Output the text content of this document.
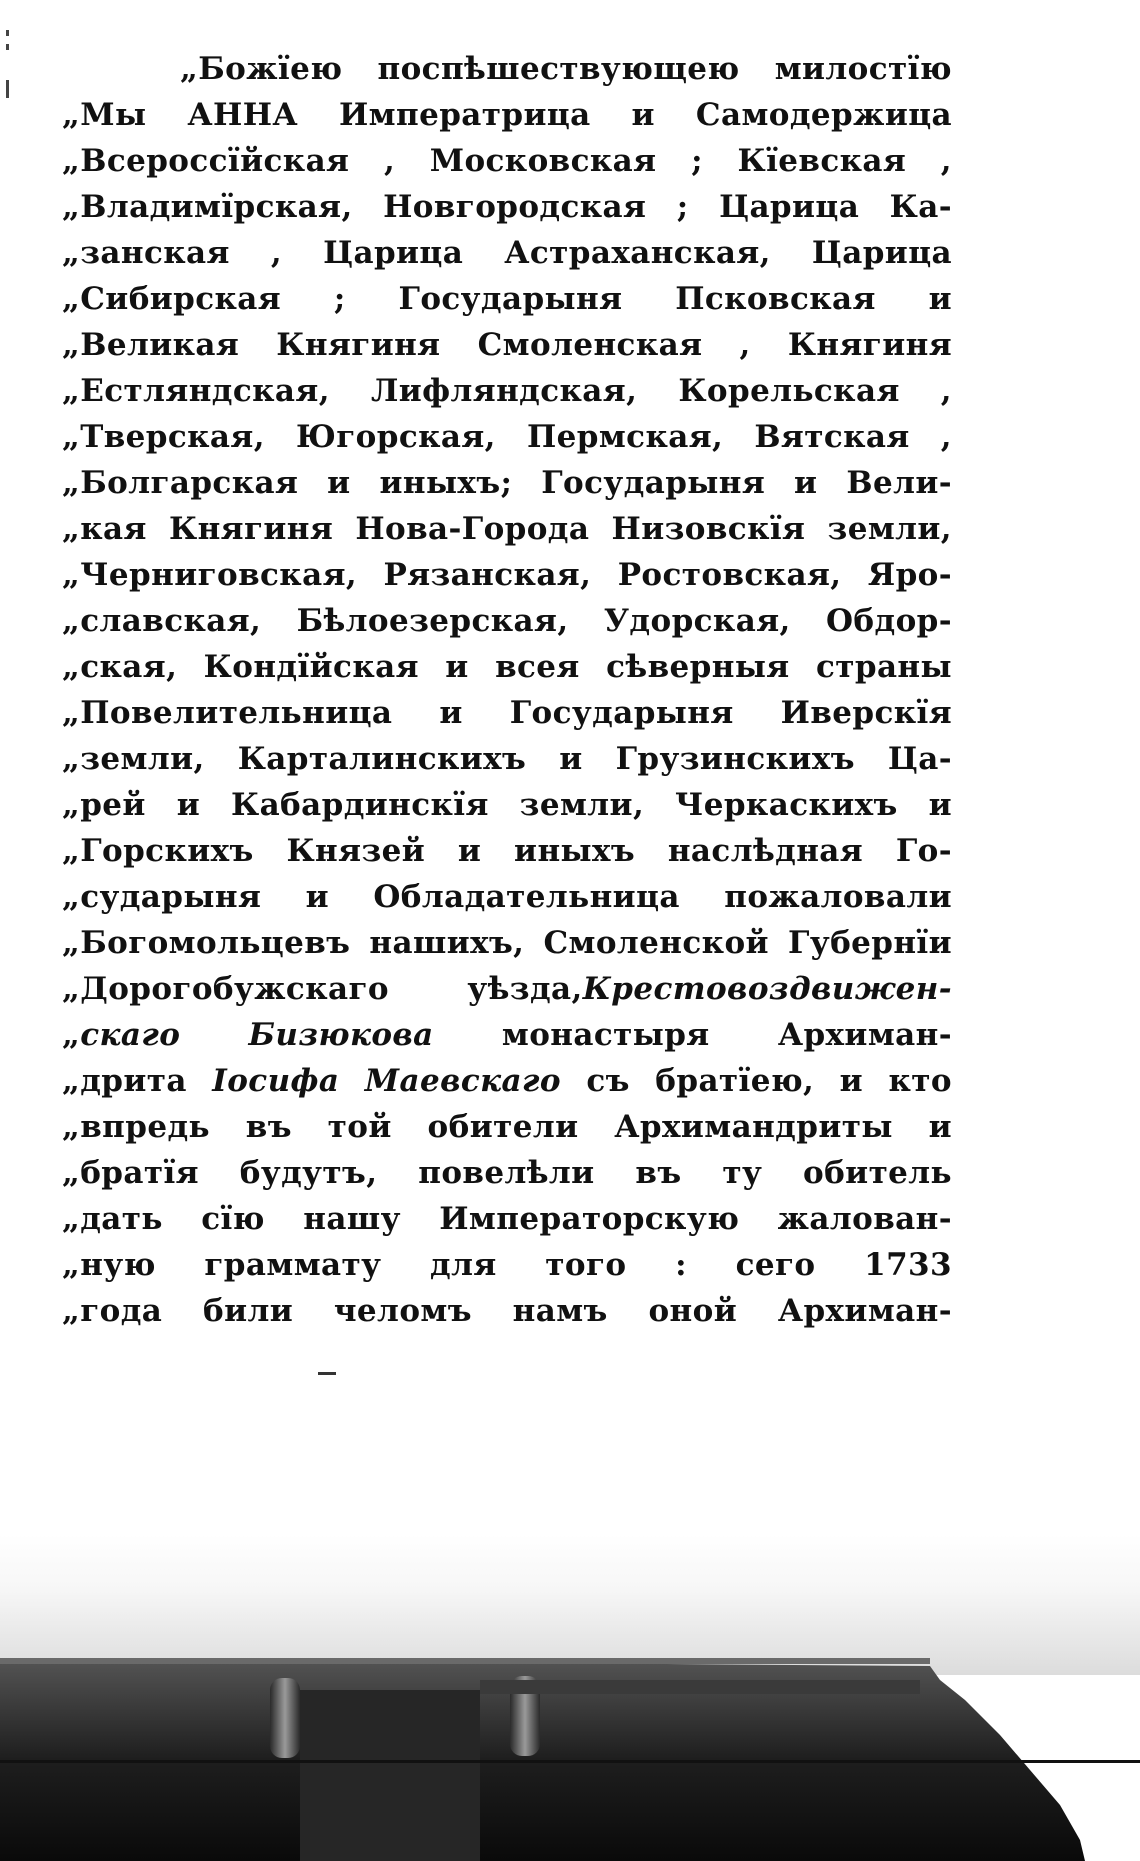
„Божїею поспѣшествующею милостїю
„Мы АННА Императрица и Самодержица
„Всероссїйская , Московская ; Кїевская ,
„Владимїрская, Новгородская ; Царица Ка-
„занская , Царица Астраханская, Царица
„Сибирская ; Государыня Псковская и
„Великая Княгиня Смоленская , Княгиня
„Естляндская, Лифляндская, Корельская ,
„Тверская, Югорская, Пермская, Вятская ,
„Болгарская и иныхъ; Государыня и Вели-
„кая Княгиня Нова-Города Низовскїя земли,
„Черниговская, Рязанская, Ростовская, Яро-
„славская, Бѣлоезерская, Удорская, Обдор-
„ская, Кондїйская и всея сѣверныя страны
„Повелительница и Государыня Иверскїя
„земли, Карталинскихъ и Грузинскихъ Ца-
„рей и Кабардинскїя земли, Черкаскихъ и
„Горскихъ Князей и иныхъ наслѣдная Го-
„сударыня и Обладательница пожаловали
„Богомольцевъ нашихъ, Смоленской Губернїи
„Дорогобужскаго уѣзда,Крестовоздвижен-
„скаго Бизюкова монастыря Архиман-
„дрита Iосифа Маевскаго съ братїею, и кто
„впредь въ той обители Архимандриты и
„братїя будутъ, повелѣли въ ту обитель
„дать сїю нашу Императорскую жалован-
„ную граммату для того : сего 1733
„года били челомъ намъ оной Архиман-
